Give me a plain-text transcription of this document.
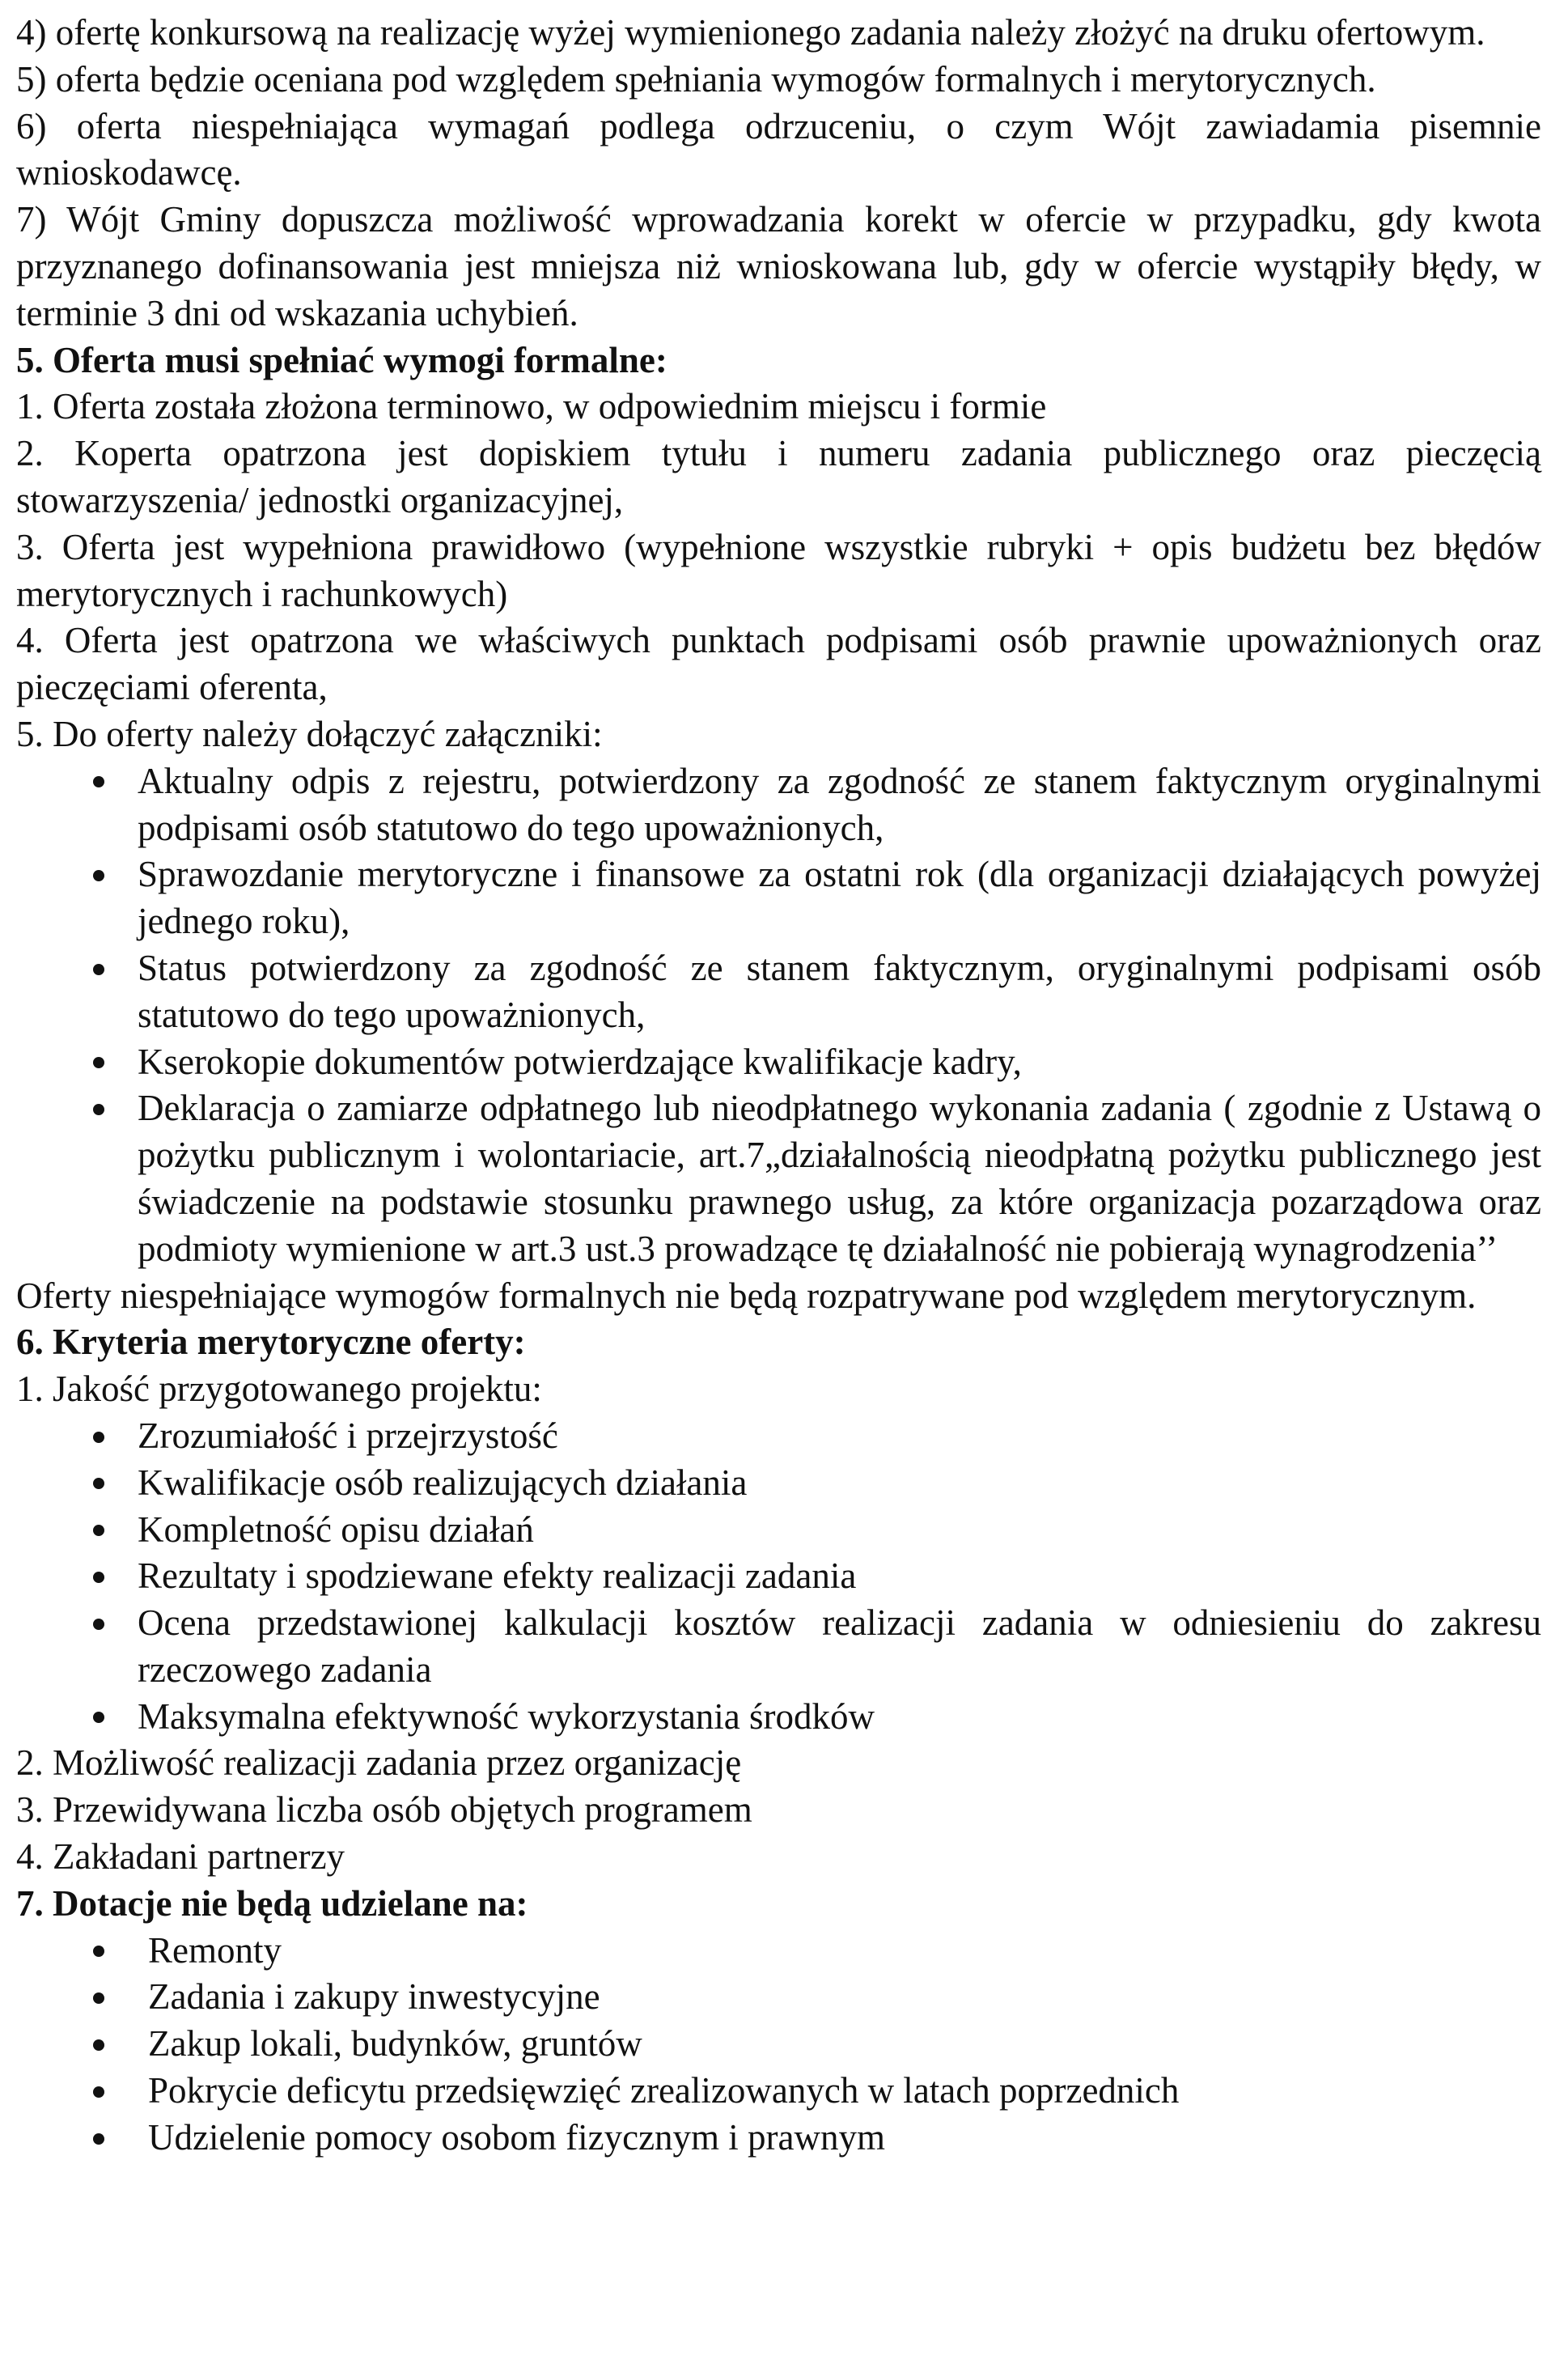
4) ofertę konkursową na realizację wyżej wymienionego zadania należy złożyć na druku ofertowym.

5) oferta będzie oceniana pod względem spełniania wymogów formalnych i merytorycznych.

6) oferta niespełniająca wymagań podlega odrzuceniu, o czym Wójt zawiadamia pisemnie wnioskodawcę.

7) Wójt Gminy dopuszcza możliwość wprowadzania korekt w ofercie w przypadku, gdy kwota przyznanego dofinansowania jest mniejsza niż wnioskowana lub, gdy w ofercie wystąpiły błędy, w terminie 3 dni od wskazania uchybień.

5. Oferta musi spełniać wymogi formalne:

1. Oferta została złożona terminowo, w odpowiednim miejscu i formie

2. Koperta opatrzona jest dopiskiem tytułu i numeru zadania publicznego oraz pieczęcią stowarzyszenia/ jednostki organizacyjnej,

3. Oferta jest wypełniona prawidłowo (wypełnione wszystkie rubryki + opis budżetu bez błędów merytorycznych i rachunkowych)

4. Oferta jest opatrzona we właściwych punktach podpisami osób prawnie upoważnionych oraz pieczęciami oferenta,

5. Do oferty należy dołączyć załączniki:

Aktualny odpis z rejestru, potwierdzony za zgodność ze stanem faktycznym oryginalnymi podpisami osób statutowo do tego upoważnionych,
Sprawozdanie merytoryczne i finansowe za ostatni rok (dla organizacji działających powyżej jednego roku),
Status potwierdzony za zgodność ze stanem faktycznym, oryginalnymi podpisami osób statutowo do tego upoważnionych,
Kserokopie dokumentów potwierdzające kwalifikacje kadry,
Deklaracja o zamiarze odpłatnego lub nieodpłatnego wykonania zadania ( zgodnie z Ustawą o pożytku publicznym i wolontariacie, art.7„działalnością nieodpłatną pożytku publicznego jest świadczenie na podstawie stosunku prawnego usług, za które organizacja pozarządowa oraz podmioty wymienione w art.3 ust.3 prowadzące tę działalność nie pobierają wynagrodzenia’’

Oferty niespełniające wymogów formalnych nie będą rozpatrywane pod względem merytorycznym.

6. Kryteria merytoryczne oferty:

1. Jakość przygotowanego projektu:

Zrozumiałość i przejrzystość
Kwalifikacje osób realizujących działania
Kompletność opisu działań
Rezultaty i spodziewane efekty realizacji zadania
Ocena przedstawionej kalkulacji kosztów realizacji zadania w odniesieniu do zakresu rzeczowego zadania
Maksymalna efektywność wykorzystania środków

2. Możliwość realizacji zadania przez organizację

3. Przewidywana liczba osób objętych programem

4. Zakładani partnerzy

7. Dotacje nie będą udzielane na:

Remonty
Zadania i zakupy inwestycyjne
Zakup lokali, budynków, gruntów
Pokrycie deficytu przedsięwzięć zrealizowanych w latach poprzednich
Udzielenie pomocy osobom fizycznym i prawnym
